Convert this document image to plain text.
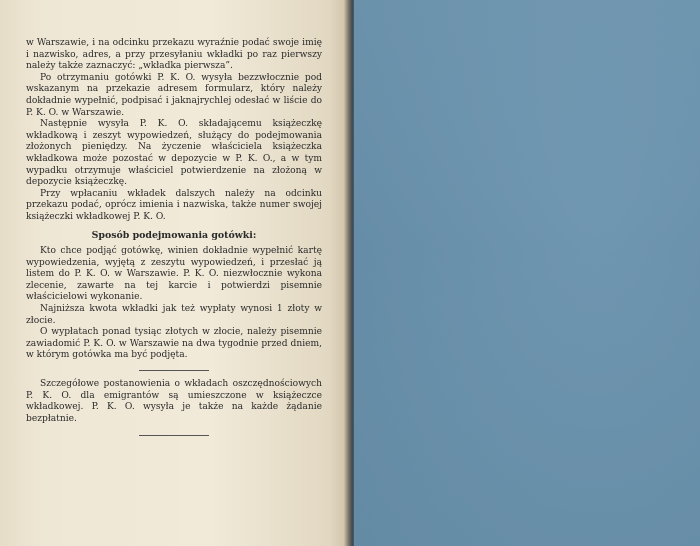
w Warszawie, i na odcinku przekazu wyraźnie podać swoje imię i nazwisko, adres, a przy przesyłaniu wkładki po raz pierwszy należy także zaznaczyć: „wkładka pierwsza”.

Po otrzymaniu gotówki P. K. O. wysyła bezzwłocznie pod wskazanym na przekazie adresem formularz, który należy dokładnie wypełnić, podpisać i jaknajrychlej odesłać w liście do P. K. O. w Warszawie.

Następnie wysyła P. K. O. składającemu książeczkę wkładkową i zeszyt wypowiedzeń, służący do podejmowania złożonych pieniędzy. Na życzenie właściciela książeczka wkładkowa może pozostać w depozycie w P. K. O., a w tym wypadku otrzymuje właściciel potwierdzenie na złożoną w depozycie książeczkę.

Przy wpłacaniu wkładek dalszych należy na odcinku przekazu podać, oprócz imienia i nazwiska, także numer swojej książeczki wkładkowej P. K. O.

Sposób podejmowania gotówki:

Kto chce podjąć gotówkę, winien dokładnie wypełnić kartę wypowiedzenia, wyjętą z zeszytu wypowiedzeń, i przesłać ją listem do P. K. O. w Warszawie. P. K. O. niezwłocznie wykona zlecenie, zawarte na tej karcie i potwierdzi pisemnie właścicielowi wykonanie.

Najniższa kwota wkładki jak też wypłaty wynosi 1 złoty w złocie.

O wypłatach ponad tysiąc złotych w złocie, należy pisemnie zawiadomić P. K. O. w Warszawie na dwa tygodnie przed dniem, w którym gotówka ma być podjęta.

Szczegółowe postanowienia o wkładach oszczędnościowych P. K. O. dla emigrantów są umieszczone w książeczce wkładkowej. P. K. O. wysyła je także na każde żądanie bezpłatnie.
